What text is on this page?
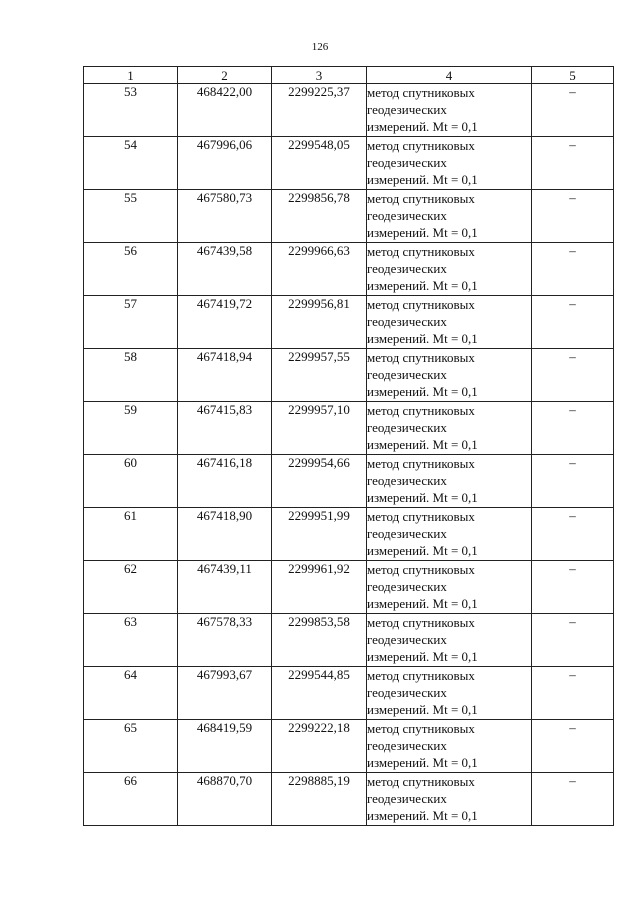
126
1	2	3	4	5
53	468422,00	2299225,37	метод спутниковых
геодезических
измерений. Mt = 0,1	–
54	467996,06	2299548,05	метод спутниковых
геодезических
измерений. Mt = 0,1	–
55	467580,73	2299856,78	метод спутниковых
геодезических
измерений. Mt = 0,1	–
56	467439,58	2299966,63	метод спутниковых
геодезических
измерений. Mt = 0,1	–
57	467419,72	2299956,81	метод спутниковых
геодезических
измерений. Mt = 0,1	–
58	467418,94	2299957,55	метод спутниковых
геодезических
измерений. Mt = 0,1	–
59	467415,83	2299957,10	метод спутниковых
геодезических
измерений. Mt = 0,1	–
60	467416,18	2299954,66	метод спутниковых
геодезических
измерений. Mt = 0,1	–
61	467418,90	2299951,99	метод спутниковых
геодезических
измерений. Mt = 0,1	–
62	467439,11	2299961,92	метод спутниковых
геодезических
измерений. Mt = 0,1	–
63	467578,33	2299853,58	метод спутниковых
геодезических
измерений. Mt = 0,1	–
64	467993,67	2299544,85	метод спутниковых
геодезических
измерений. Mt = 0,1	–
65	468419,59	2299222,18	метод спутниковых
геодезических
измерений. Mt = 0,1	–
66	468870,70	2298885,19	метод спутниковых
геодезических
измерений. Mt = 0,1	–
